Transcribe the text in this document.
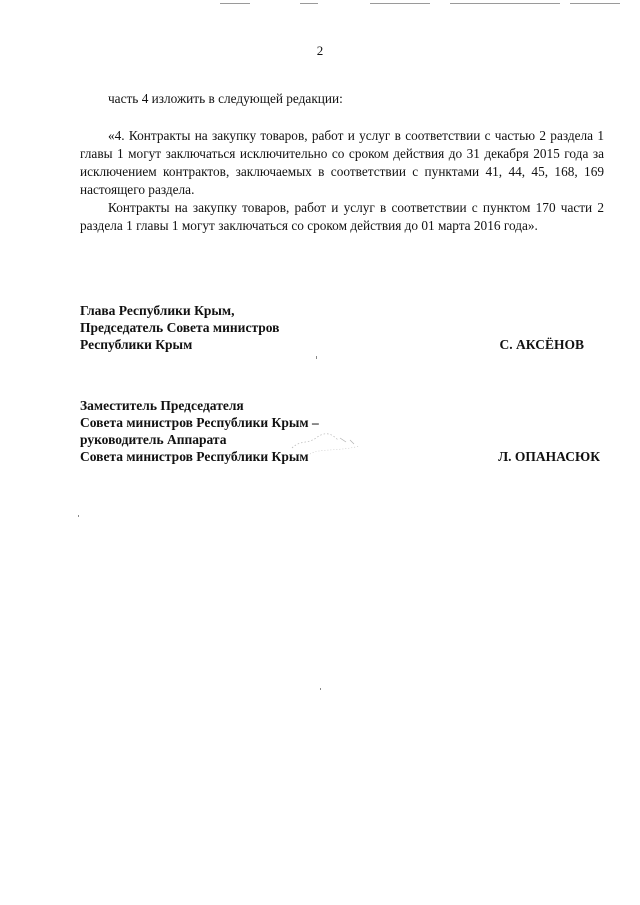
2
часть 4 изложить в следующей редакции:

«4. Контракты на закупку товаров, работ и услуг в соответствии с частью 2 раздела 1 главы 1 могут заключаться исключительно со сроком действия до 31 декабря 2015 года за исключением контрактов, заключаемых в соответствии с пунктами 41, 44, 45, 168, 169 настоящего раздела.

Контракты на закупку товаров, работ и услуг в соответствии с пунктом 170 части 2 раздела 1 главы 1 могут заключаться со сроком действия до 01 марта 2016 года».

Глава Республики Крым,
Председатель Совета министров
Республики Крым	С. АКСЁНОВ
Заместитель Председателя
Совета министров Республики Крым –
руководитель Аппарата
Совета министров Республики Крым	Л. ОПАНАСЮК
